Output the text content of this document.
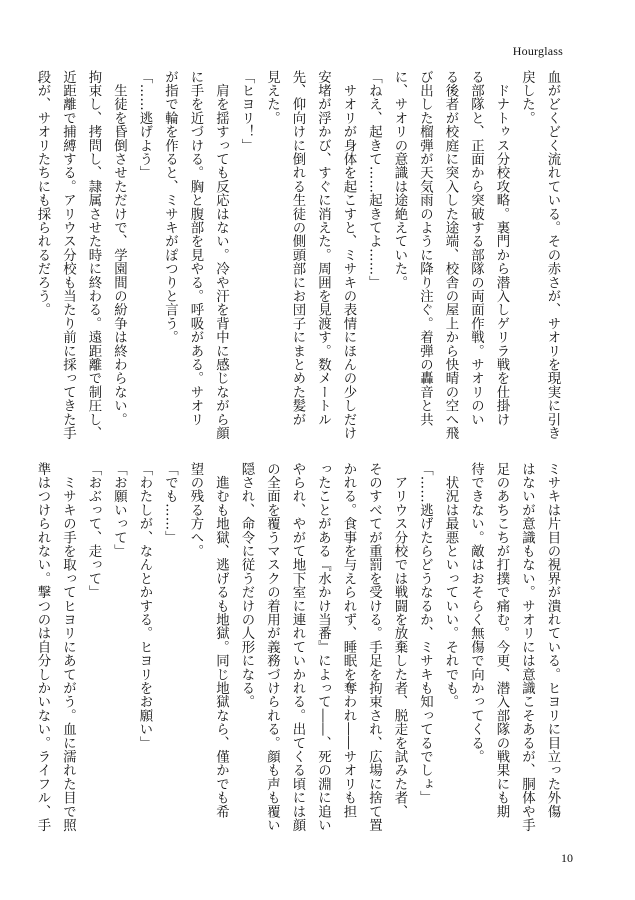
Hourglass
血がどくどく流れている。その赤さが、サオリを現実に引き
戻した。
　ドナトゥス分校攻略。裏門から潜入しゲリラ戦を仕掛け
る部隊と、正面から突破する部隊の両面作戦。サオリのい
る後者が校庭に突入した途端、校舎の屋上から快晴の空へ飛
び出した榴弾が天気雨のように降り注ぐ。着弾の轟音と共
に、サオリの意識は途絶えていた。
「ねえ、起きて……起きてよ……」
　サオリが身体を起こすと、ミサキの表情にほんの少しだけ
安堵が浮かび、すぐに消えた。周囲を見渡す。数メートル
先、仰向けに倒れる生徒の側頭部にお団子にまとめた髪が
見えた。
「ヒヨリ！」
　肩を揺すっても反応はない。冷や汗を背中に感じながら顔
に手を近づける。胸と腹部を見やる。呼吸がある。サオリ
が指で輪を作ると、ミサキがぽつりと言う。
「……逃げよう」
　生徒を昏倒させただけで、学園間の紛争は終わらない。
拘束し、拷問し、隷属させた時に終わる。遠距離で制圧し、
近距離で捕縛する。アリウス分校も当たり前に採ってきた手
段が、サオリたちにも採られるだろう。
ミサキは片目の視界が潰れている。ヒヨリに目立った外傷
はないが意識もない。サオリには意識こそあるが、胴体や手
足のあちこちが打撲で痛む。今更、潜入部隊の戦果にも期
待できない。敵はおそらく無傷で向かってくる。
　状況は最悪といっていい。それでも。
「……逃げたらどうなるか、ミサキも知ってるでしょ」
　アリウス分校では戦闘を放棄した者、脱走を試みた者、
そのすべてが重罰を受ける。手足を拘束され、広場に捨て置
かれる。食事を与えられず、睡眠を奪われ――サオリも担
ったことがある『水かけ当番』によって――、死の淵に追い
やられ、やがて地下室に連れていかれる。出てくる頃には顔
の全面を覆うマスクの着用が義務づけられる。顔も声も覆い
隠され、命令に従うだけの人形になる。
　進むも地獄、逃げるも地獄。同じ地獄なら、僅かでも希
望の残る方へ。
「でも……」
「わたしが、なんとかする。ヒヨリをお願い」
「お願いって」
「おぶって、走って」
　ミサキの手を取ってヒヨリにあてがう。血に濡れた目で照
準はつけられない。撃つのは自分しかいない。ライフル、手
10
